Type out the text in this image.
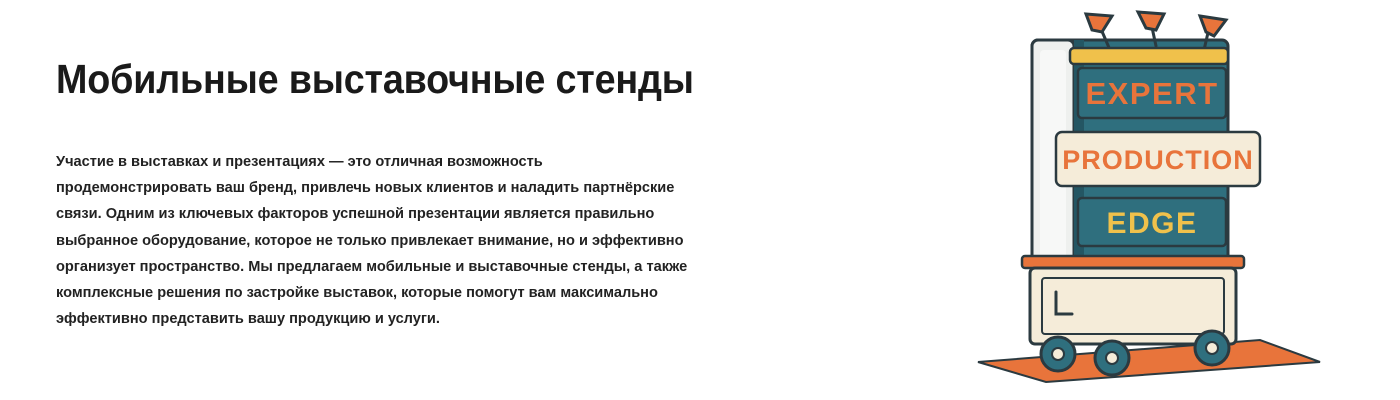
Мобильные выставочные стенды

Участие в выставках и презентациях — это отличная возможность продемонстрировать ваш бренд, привлечь новых клиентов и наладить партнёрские связи. Одним из ключевых факторов успешной презентации является правильно выбранное оборудование, которое не только привлекает внимание, но и эффективно организует пространство. Мы предлагаем мобильные и выставочные стенды, а также комплексные решения по застройке выставок, которые помогут вам максимально эффективно представить вашу продукцию и услуги.

EXPERT
PRODUCTION
EDGE
